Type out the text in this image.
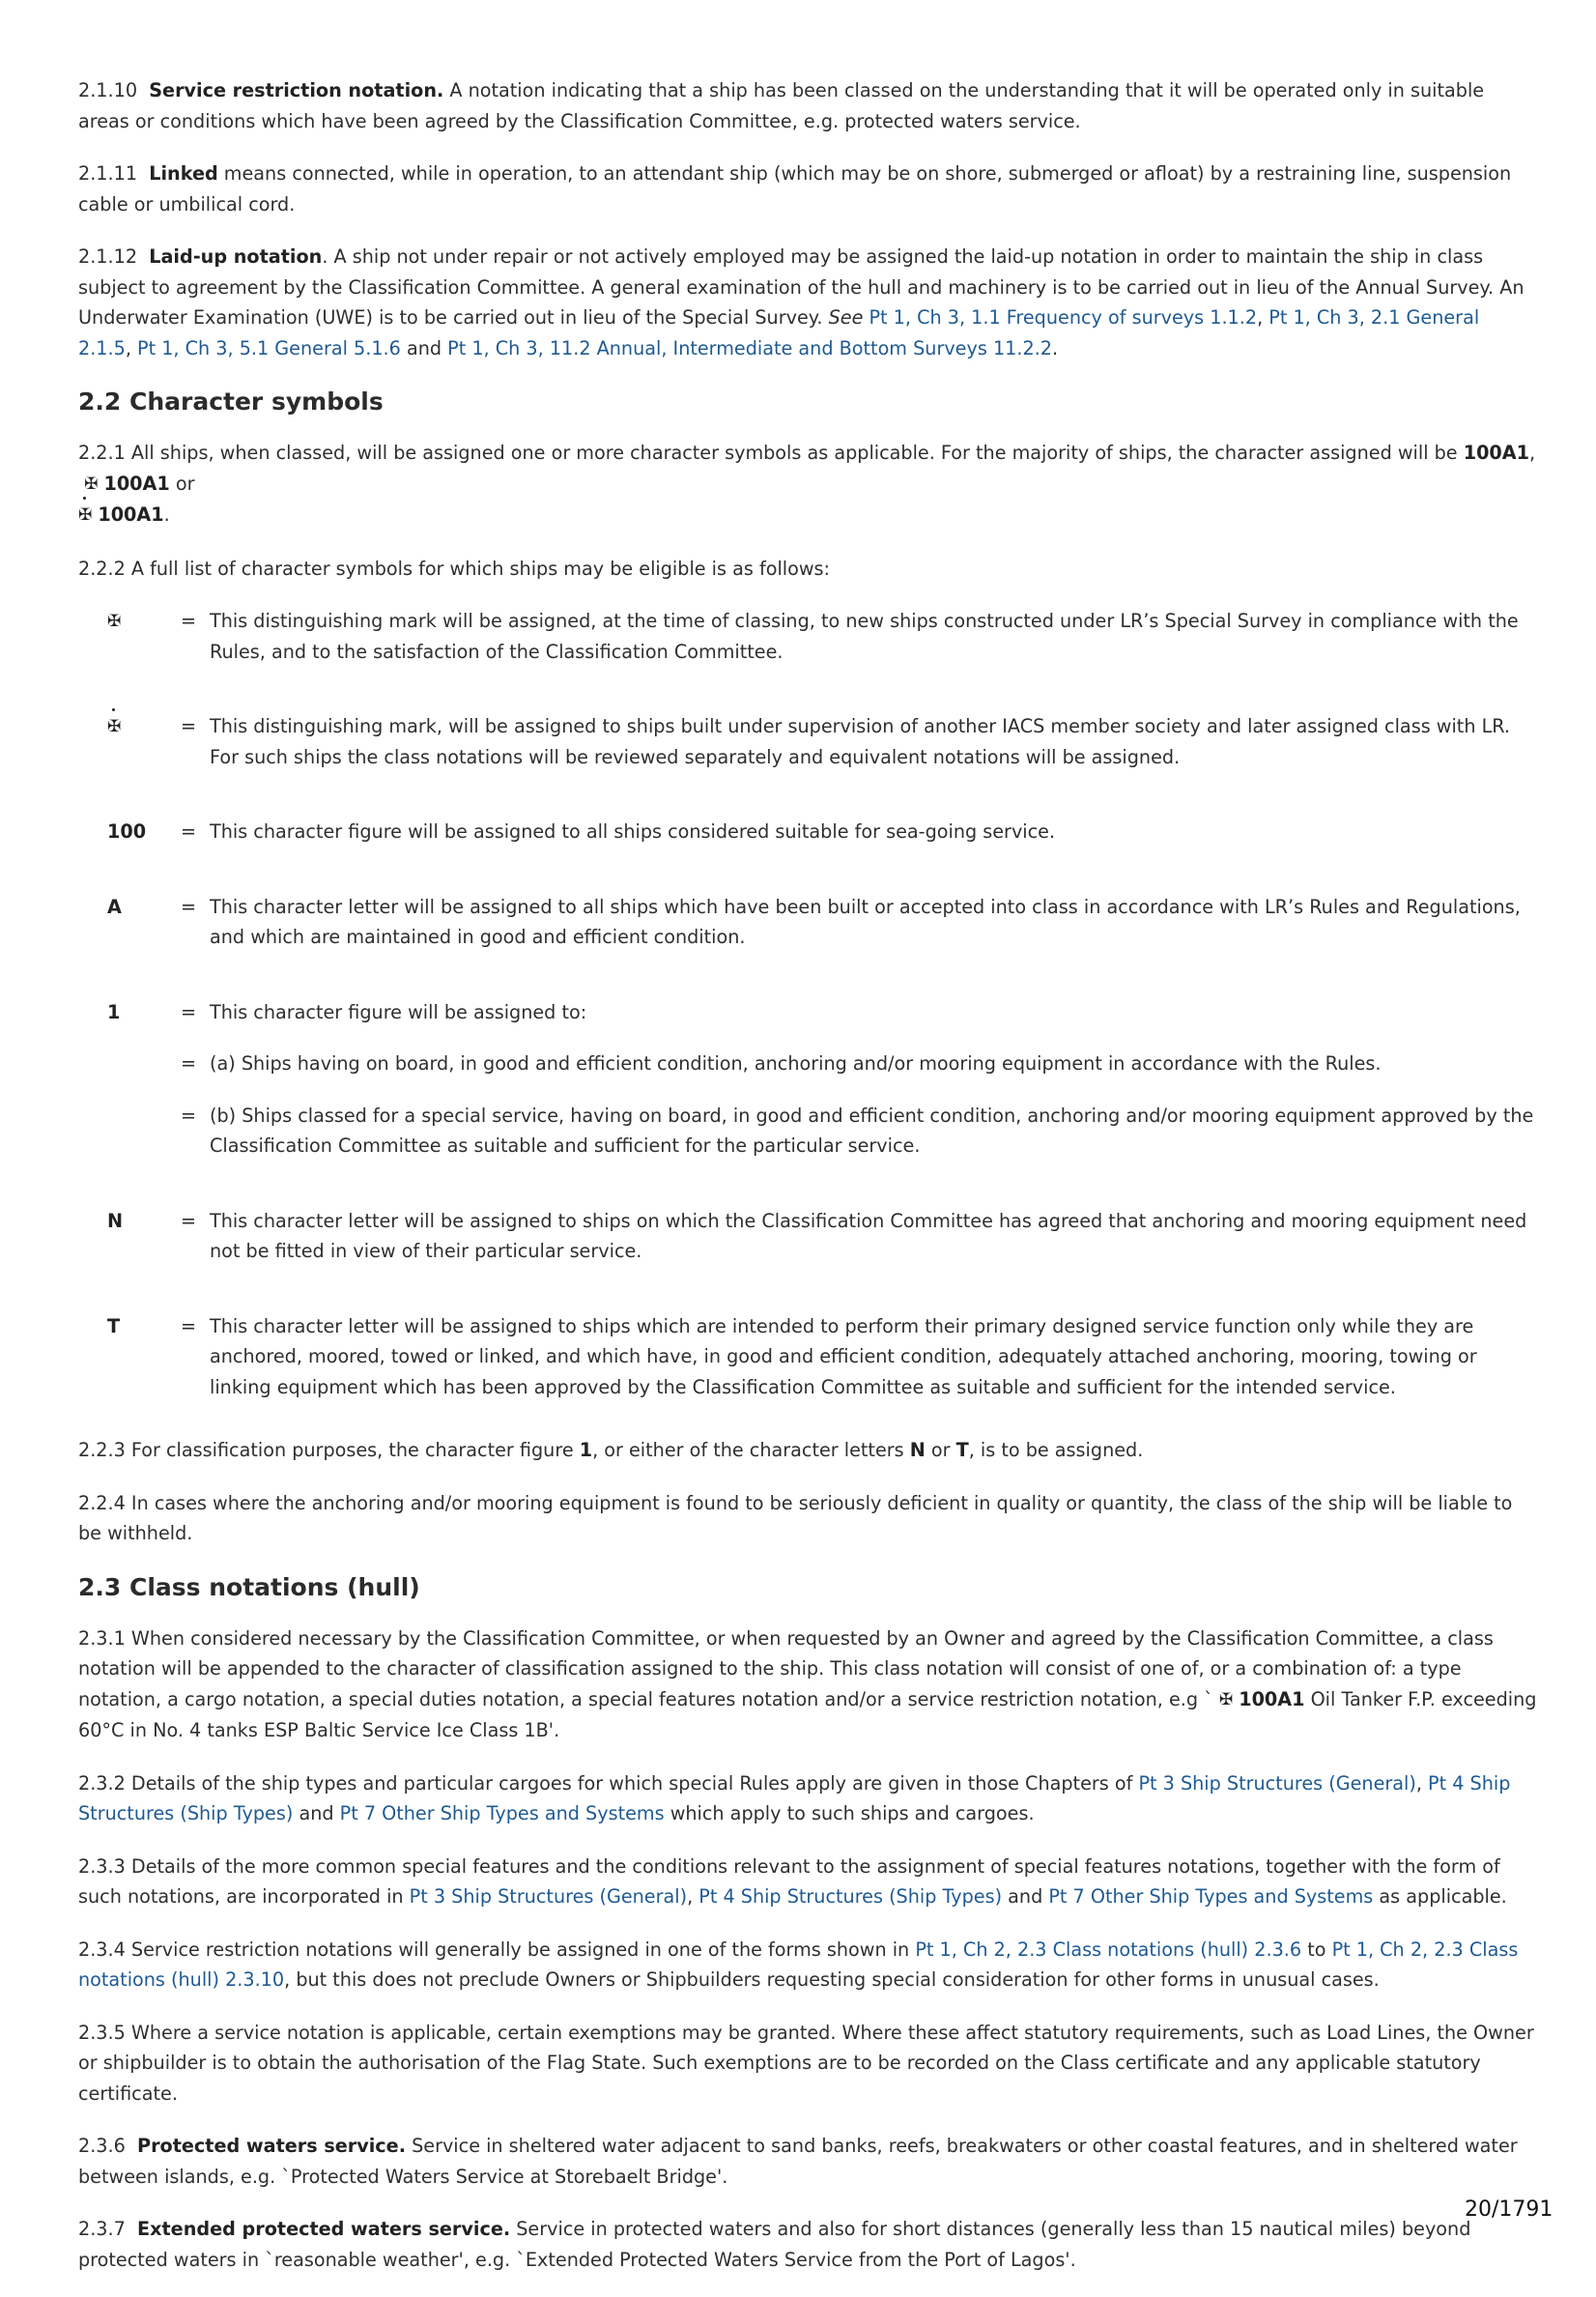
2.1.10 Service restriction notation. A notation indicating that a ship has been classed on the understanding that it will be operated only in suitable areas or conditions which have been agreed by the Classification Committee, e.g. protected waters service.

2.1.11 Linked means connected, while in operation, to an attendant ship (which may be on shore, submerged or afloat) by a restraining line, suspension cable or umbilical cord.

2.1.12 Laid-up notation. A ship not under repair or not actively employed may be assigned the laid-up notation in order to maintain the ship in class subject to agreement by the Classification Committee. A general examination of the hull and machinery is to be carried out in lieu of the Annual Survey. An Underwater Examination (UWE) is to be carried out in lieu of the Special Survey. See Pt 1, Ch 3, 1.1 Frequency of surveys 1.1.2, Pt 1, Ch 3, 2.1 General 2.1.5, Pt 1, Ch 3, 5.1 General 5.1.6 and Pt 1, Ch 3, 11.2 Annual, Intermediate and Bottom Surveys 11.2.2.

2.2 Character symbols

2.2.1 All ships, when classed, will be assigned one or more character symbols as applicable. For the majority of ships, the character assigned will be 100A1,  ✠ 100A1 or
✠ 100A1.

2.2.2 A full list of character symbols for which ships may be eligible is as follows:

✠	= This distinguishing mark will be assigned, at the time of classing, to new ships constructed under LR’s Special Survey in compliance with the Rules, and to the satisfaction of the Classification Committee.
✠	= This distinguishing mark, will be assigned to ships built under supervision of another IACS member society and later assigned class with LR. For such ships the class notations will be reviewed separately and equivalent notations will be assigned.
100	= This character figure will be assigned to all ships considered suitable for sea-going service.
A	= This character letter will be assigned to all ships which have been built or accepted into class in accordance with LR’s Rules and Regulations, and which are maintained in good and efficient condition.
1	= This character figure will be assigned to:
= (a) Ships having on board, in good and efficient condition, anchoring and/or mooring equipment in accordance with the Rules.
= (b) Ships classed for a special service, having on board, in good and efficient condition, anchoring and/or mooring equipment approved by the Classification Committee as suitable and sufficient for the particular service.
N	= This character letter will be assigned to ships on which the Classification Committee has agreed that anchoring and mooring equipment need not be fitted in view of their particular service.
T	= This character letter will be assigned to ships which are intended to perform their primary designed service function only while they are anchored, moored, towed or linked, and which have, in good and efficient condition, adequately attached anchoring, mooring, towing or linking equipment which has been approved by the Classification Committee as suitable and sufficient for the intended service.

2.2.3 For classification purposes, the character figure 1, or either of the character letters N or T, is to be assigned.

2.2.4 In cases where the anchoring and/or mooring equipment is found to be seriously deficient in quality or quantity, the class of the ship will be liable to be withheld.

2.3 Class notations (hull)

2.3.1 When considered necessary by the Classification Committee, or when requested by an Owner and agreed by the Classification Committee, a class notation will be appended to the character of classification assigned to the ship. This class notation will consist of one of, or a combination of: a type notation, a cargo notation, a special duties notation, a special features notation and/or a service restriction notation, e.g ` ✠ 100A1 Oil Tanker F.P. exceeding 60°C in No. 4 tanks ESP Baltic Service Ice Class 1B'.

2.3.2 Details of the ship types and particular cargoes for which special Rules apply are given in those Chapters of Pt 3 Ship Structures (General), Pt 4 Ship Structures (Ship Types) and Pt 7 Other Ship Types and Systems which apply to such ships and cargoes.

2.3.3 Details of the more common special features and the conditions relevant to the assignment of special features notations, together with the form of such notations, are incorporated in Pt 3 Ship Structures (General), Pt 4 Ship Structures (Ship Types) and Pt 7 Other Ship Types and Systems as applicable.

2.3.4 Service restriction notations will generally be assigned in one of the forms shown in Pt 1, Ch 2, 2.3 Class notations (hull) 2.3.6 to Pt 1, Ch 2, 2.3 Class notations (hull) 2.3.10, but this does not preclude Owners or Shipbuilders requesting special consideration for other forms in unusual cases.

2.3.5 Where a service notation is applicable, certain exemptions may be granted. Where these affect statutory requirements, such as Load Lines, the Owner or shipbuilder is to obtain the authorisation of the Flag State. Such exemptions are to be recorded on the Class certificate and any applicable statutory certificate.

2.3.6 Protected waters service. Service in sheltered water adjacent to sand banks, reefs, breakwaters or other coastal features, and in sheltered water between islands, e.g. `Protected Waters Service at Storebaelt Bridge'.

2.3.7 Extended protected waters service. Service in protected waters and also for short distances (generally less than 15 nautical miles) beyond protected waters in `reasonable weather', e.g. `Extended Protected Waters Service from the Port of Lagos'.

20/1791
